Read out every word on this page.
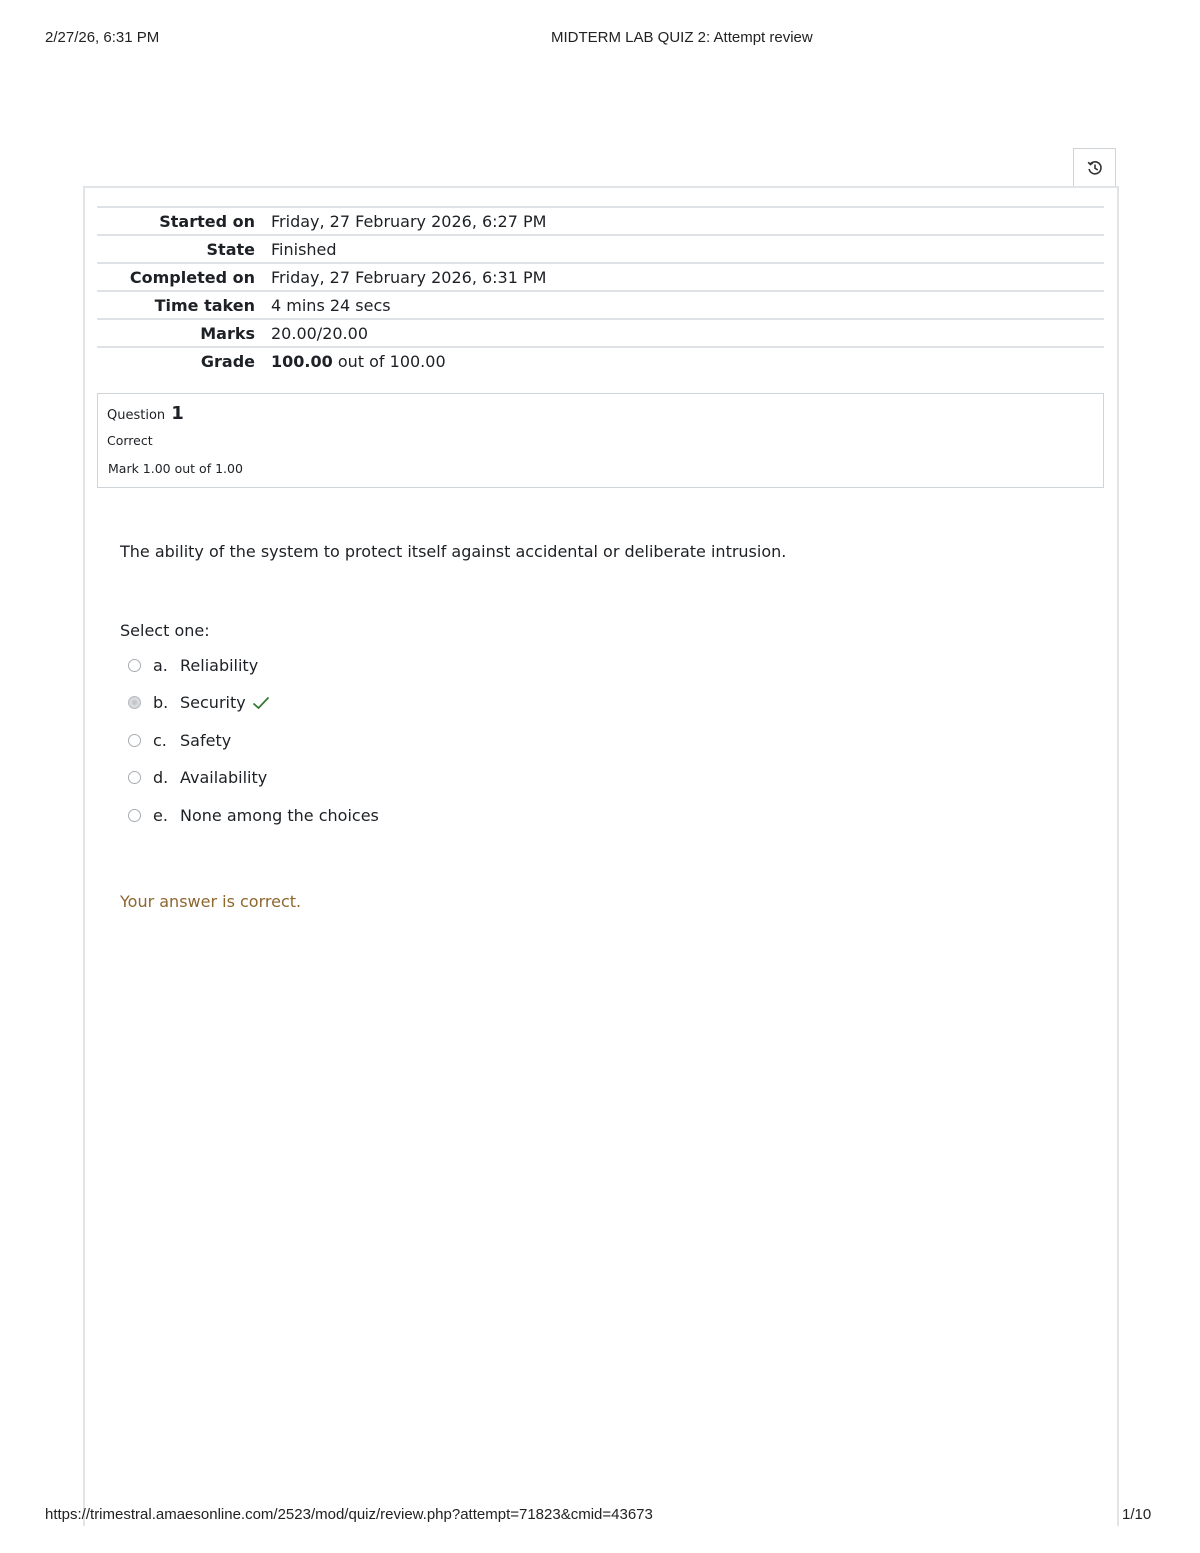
2/27/26, 6:31 PM	MIDTERM LAB QUIZ 2: Attempt review
Started on	Friday, 27 February 2026, 6:27 PM
State	Finished
Completed on	Friday, 27 February 2026, 6:31 PM
Time taken	4 mins 24 secs
Marks	20.00/20.00
Grade	100.00 out of 100.00
Question 1
Correct
Mark 1.00 out of 1.00
The ability of the system to protect itself against accidental or deliberate intrusion.
Select one:
a. Reliability
b. Security
c. Safety
d. Availability
e. None among the choices
Your answer is correct.
https://trimestral.amaesonline.com/2523/mod/quiz/review.php?attempt=71823&cmid=43673	1/10
